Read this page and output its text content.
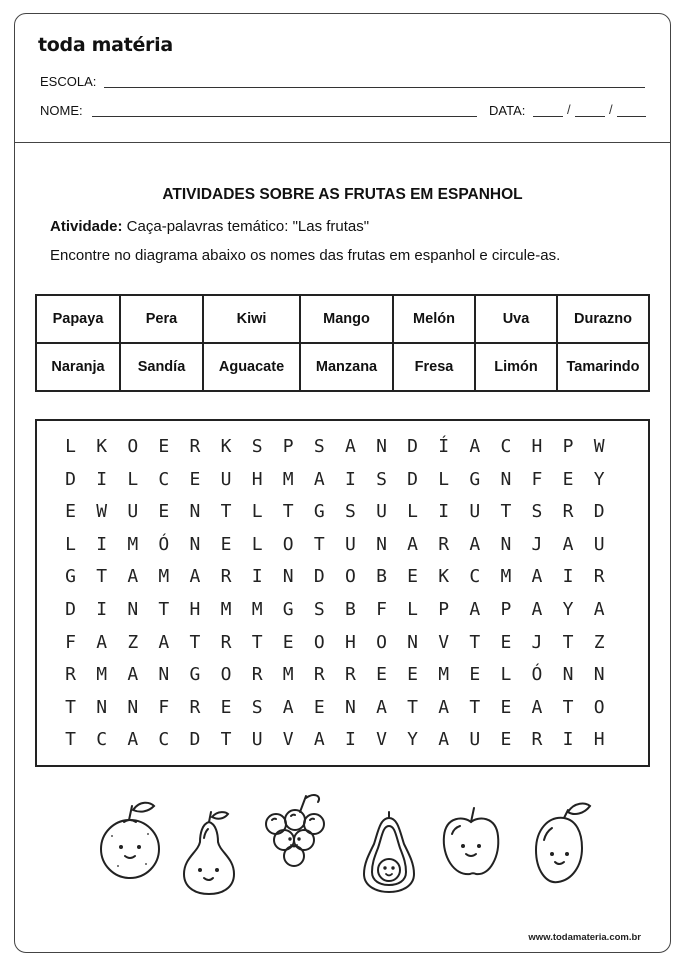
toda matéria
ESCOLA:
NOME:	DATA:	/	/
ATIVIDADES SOBRE AS FRUTAS EM ESPANHOL
Atividade: Caça-palavras temático: "Las frutas"
Encontre no diagrama abaixo os nomes das frutas em espanhol e circule-as.
Papaya	Pera	Kiwi	Mango	Melón	Uva	Durazno
Naranja	Sandía	Aguacate	Manzana	Fresa	Limón	Tamarindo
L	K	O	E	R	K	S	P	S	A	N	D	Í	A	C	H	P	W
D	I	L	C	E	U	H	M	A	I	S	D	L	G	N	F	E	Y
E	W	U	E	N	T	L	T	G	S	U	L	I	U	T	S	R	D
L	I	M	Ó	N	E	L	O	T	U	N	A	R	A	N	J	A	U
G	T	A	M	A	R	I	N	D	O	B	E	K	C	M	A	I	R
D	I	N	T	H	M	M	G	S	B	F	L	P	A	P	A	Y	A
F	A	Z	A	T	R	T	E	O	H	O	N	V	T	E	J	T	Z
R	M	A	N	G	O	R	M	R	R	E	E	M	E	L	Ó	N	N
T	N	N	F	R	E	S	A	E	N	A	T	A	T	E	A	T	O
T	C	A	C	D	T	U	V	A	I	V	Y	A	U	E	R	I	H
www.todamateria.com.br
